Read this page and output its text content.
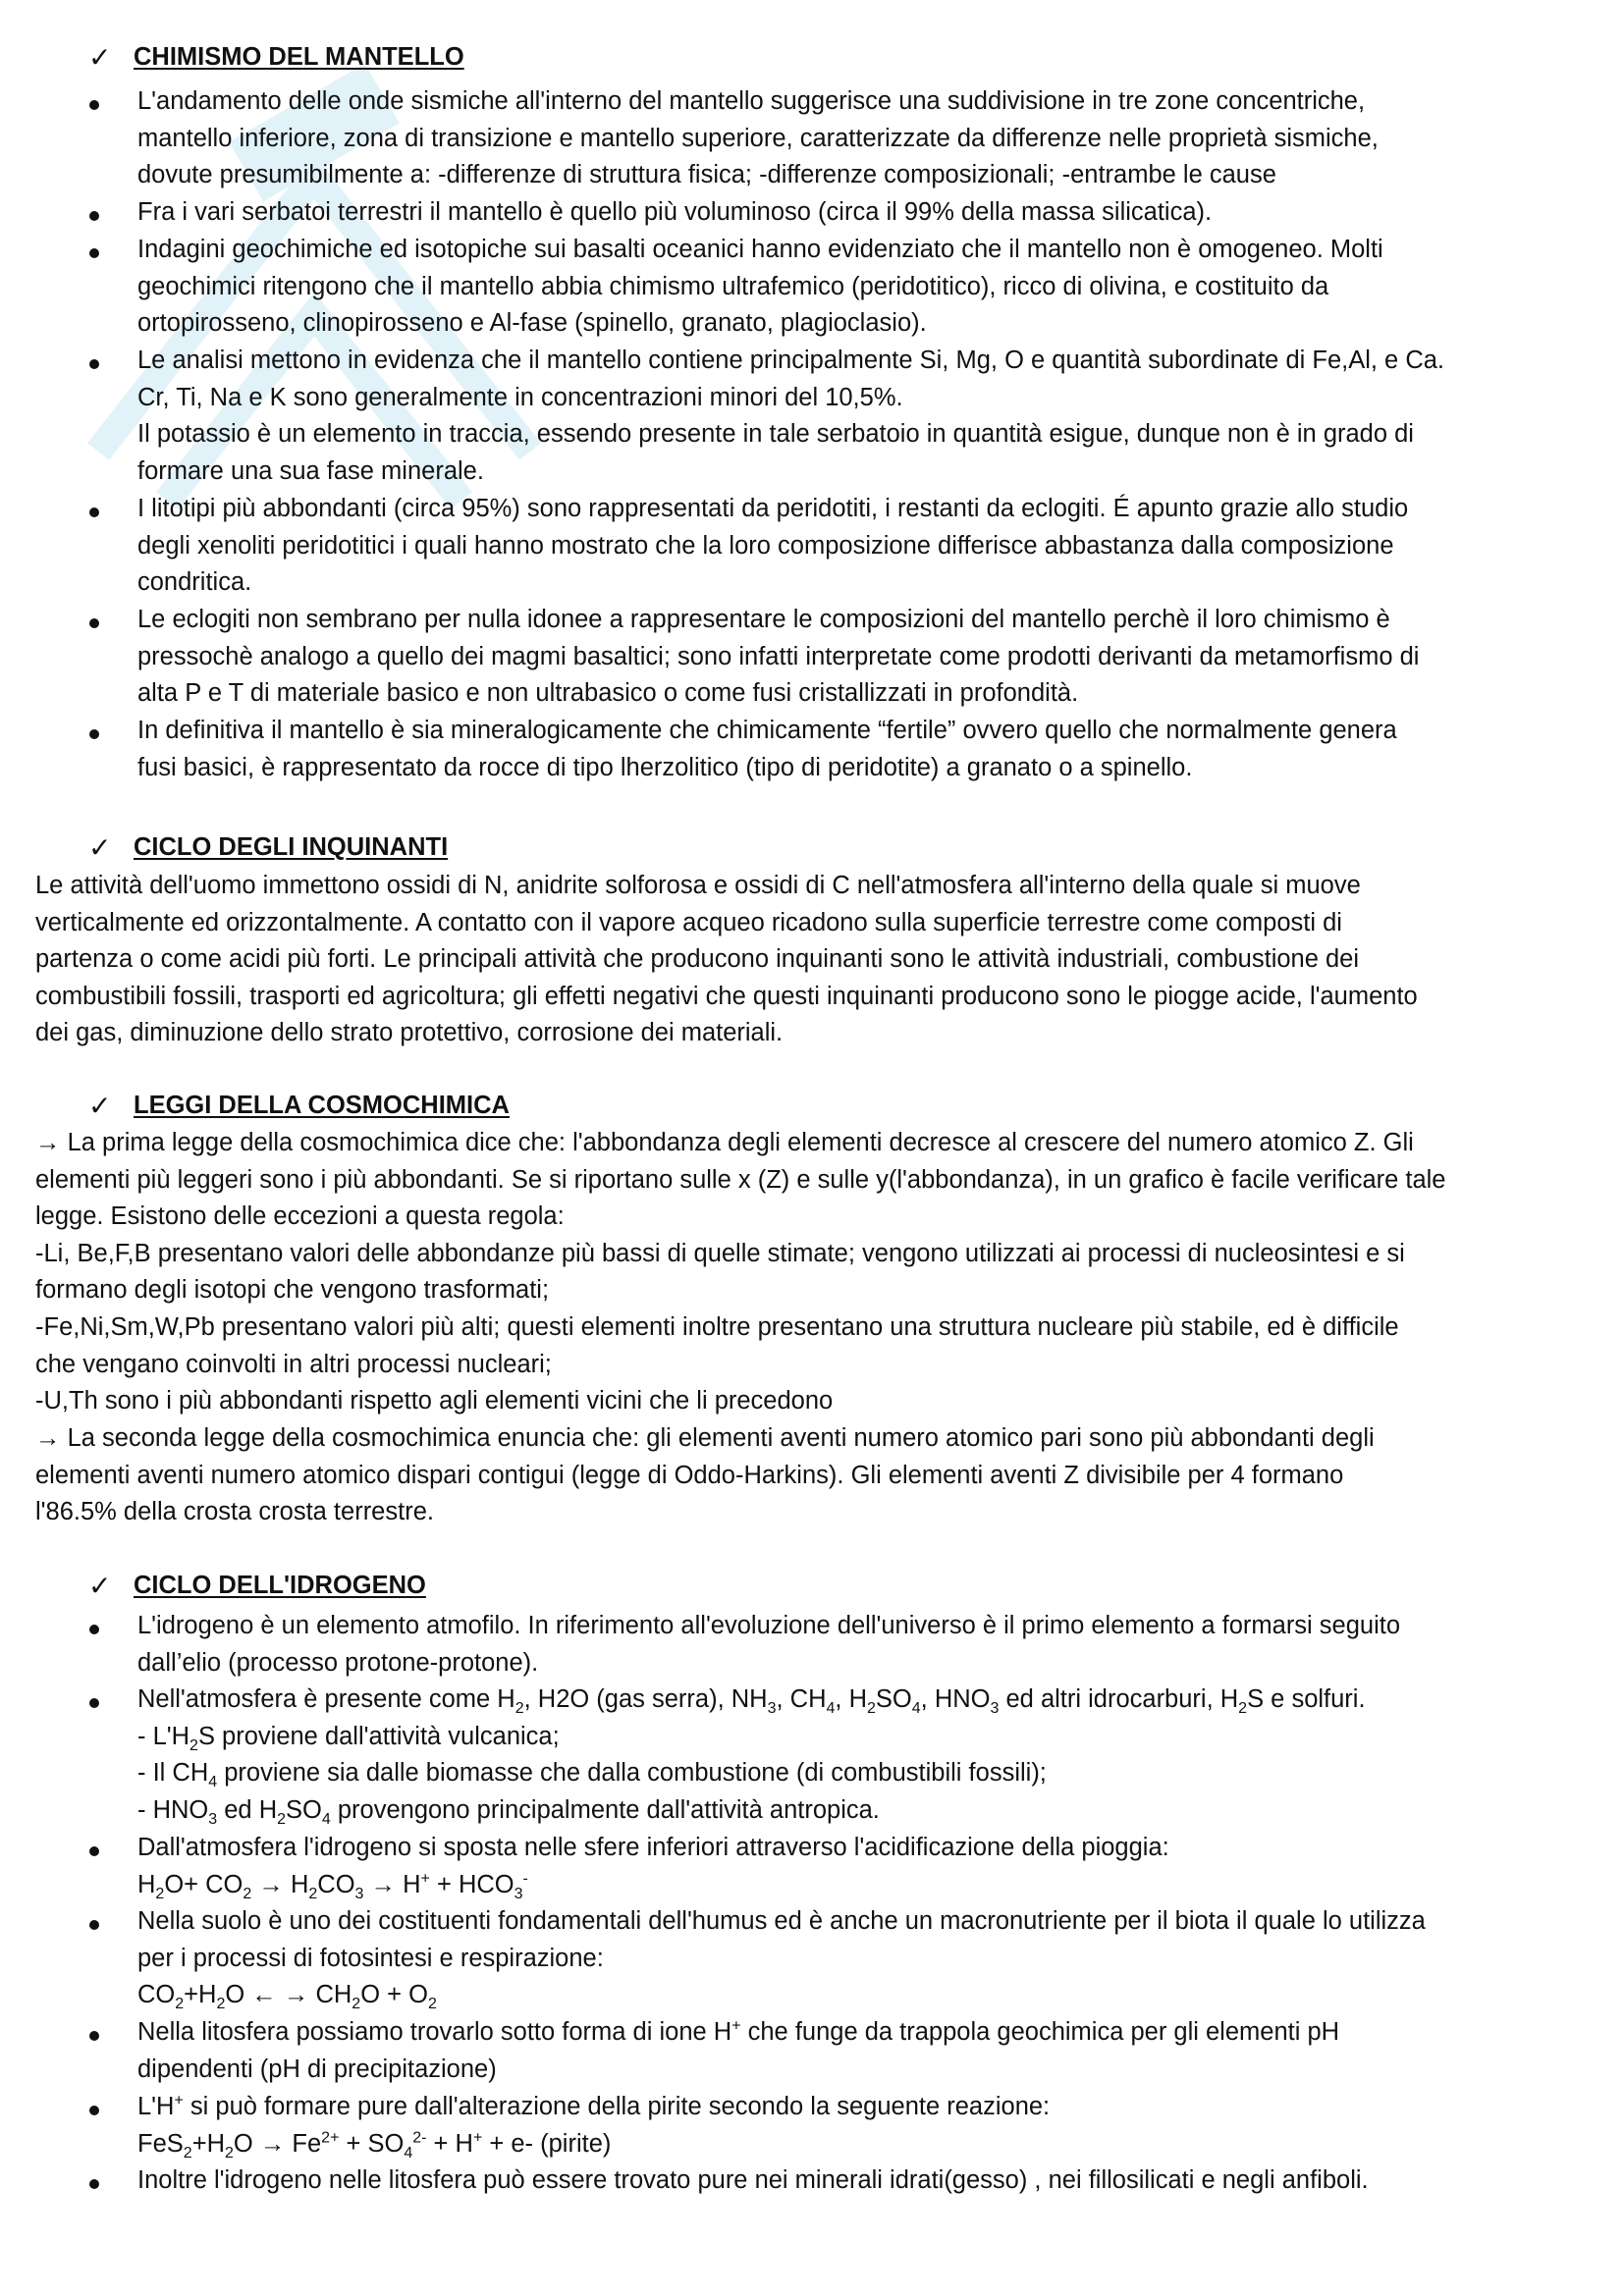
✓ CHIMISMO DEL MANTELLO
L'andamento delle onde sismiche all'interno del mantello suggerisce una suddivisione in tre zone concentriche,
mantello inferiore, zona di transizione e mantello superiore, caratterizzate da differenze nelle proprietà sismiche,
dovute presumibilmente a: -differenze di struttura fisica; -differenze composizionali; -entrambe le cause
Fra i vari serbatoi terrestri il mantello è quello più voluminoso (circa il 99% della massa silicatica).
Indagini geochimiche ed isotopiche sui basalti oceanici hanno evidenziato che il mantello non è omogeneo. Molti
geochimici ritengono che il mantello abbia chimismo ultrafemico (peridotitico), ricco di olivina, e costituito da
ortopirosseno, clinopirosseno e Al-fase (spinello, granato, plagioclasio).
Le analisi mettono in evidenza che il mantello contiene principalmente Si, Mg, O e quantità subordinate di Fe,Al, e Ca.
Cr, Ti, Na e K sono generalmente in concentrazioni minori del 10,5%.
Il potassio è un elemento in traccia, essendo presente in tale serbatoio in quantità esigue, dunque non è in grado di
formare una sua fase minerale.
I litotipi più abbondanti (circa 95%) sono rappresentati da peridotiti, i restanti da eclogiti. É apunto grazie allo studio
degli xenoliti peridotitici i quali hanno mostrato che la loro composizione differisce abbastanza dalla composizione
condritica.
Le eclogiti non sembrano per nulla idonee a rappresentare le composizioni del mantello perchè il loro chimismo è
pressochè analogo a quello dei magmi basaltici; sono infatti interpretate come prodotti derivanti da metamorfismo di
alta P e T di materiale basico e non ultrabasico o come fusi cristallizzati in profondità.
In definitiva il mantello è sia mineralogicamente che chimicamente “fertile” ovvero quello che normalmente genera
fusi basici, è rappresentato da rocce di tipo lherzolitico (tipo di peridotite) a granato o a spinello.
✓ CICLO DEGLI INQUINANTI
Le attività dell'uomo immettono ossidi di N, anidrite solforosa e ossidi di C nell'atmosfera all'interno della quale si muove
verticalmente ed orizzontalmente. A contatto con il vapore acqueo ricadono sulla superficie terrestre come composti di
partenza o come acidi più forti. Le principali attività che producono inquinanti sono le attività industriali, combustione dei
combustibili fossili, trasporti ed agricoltura; gli effetti negativi che questi inquinanti producono sono le piogge acide, l'aumento
dei gas, diminuzione dello strato protettivo, corrosione dei materiali.
✓ LEGGI DELLA COSMOCHIMICA
→ La prima legge della cosmochimica dice che: l'abbondanza degli elementi decresce al crescere del numero atomico Z. Gli
elementi più leggeri sono i più abbondanti. Se si riportano sulle x (Z) e sulle y(l'abbondanza), in un grafico è facile verificare tale
legge. Esistono delle eccezioni a questa regola:
-Li, Be,F,B presentano valori delle abbondanze più bassi di quelle stimate; vengono utilizzati ai processi di nucleosintesi e si
formano degli isotopi che vengono trasformati;
-Fe,Ni,Sm,W,Pb presentano valori più alti; questi elementi inoltre presentano una struttura nucleare più stabile, ed è difficile
che vengano coinvolti in altri processi nucleari;
-U,Th sono i più abbondanti rispetto agli elementi vicini che li precedono
→ La seconda legge della cosmochimica enuncia che: gli elementi aventi numero atomico pari sono più abbondanti degli
elementi aventi numero atomico dispari contigui (legge di Oddo-Harkins). Gli elementi aventi Z divisibile per 4 formano
l'86.5% della crosta crosta terrestre.
✓ CICLO DELL'IDROGENO
L'idrogeno è un elemento atmofilo. In riferimento all'evoluzione dell'universo è il primo elemento a formarsi seguito
dall’elio (processo protone-protone).
Nell'atmosfera è presente come $H_2$, H2O (gas serra), $NH_3$, $CH_4$, $H_2SO_4$, $HNO_3$ ed altri idrocarburi, $H_2S$ e solfuri.
- $L'H_2S$ proviene dall'attività vulcanica;
- Il $CH_4$ proviene sia dalle biomasse che dalla combustione (di combustibili fossili);
- $HNO_3$ ed $H_2SO_4$ provengono principalmente dall'attività antropica.
Dall'atmosfera l'idrogeno si sposta nelle sfere inferiori attraverso l'acidificazione della pioggia:
$H_2O+ CO_2 \to H_2CO_3 \to H^+ + HCO_3^-$
Nella suolo è uno dei costituenti fondamentali dell'humus ed è anche un macronutriente per il biota il quale lo utilizza
per i processi di fotosintesi e respirazione:
$CO_2+H_2O$ ← → $CH_2O + O_2$
Nella litosfera possiamo trovarlo sotto forma di ione H+ che funge da trappola geochimica per gli elementi pH
dipendenti (pH di precipitazione)
L'H+ si può formare pure dall'alterazione della pirite secondo la seguente reazione:
$FeS_2+H_2O \to Fe^{2+} + SO_4^{2-} + H^+ + e-$ (pirite)
Inoltre l'idrogeno nelle litosfera può essere trovato pure nei minerali idrati(gesso) , nei fillosilicati e negli anfiboli.
